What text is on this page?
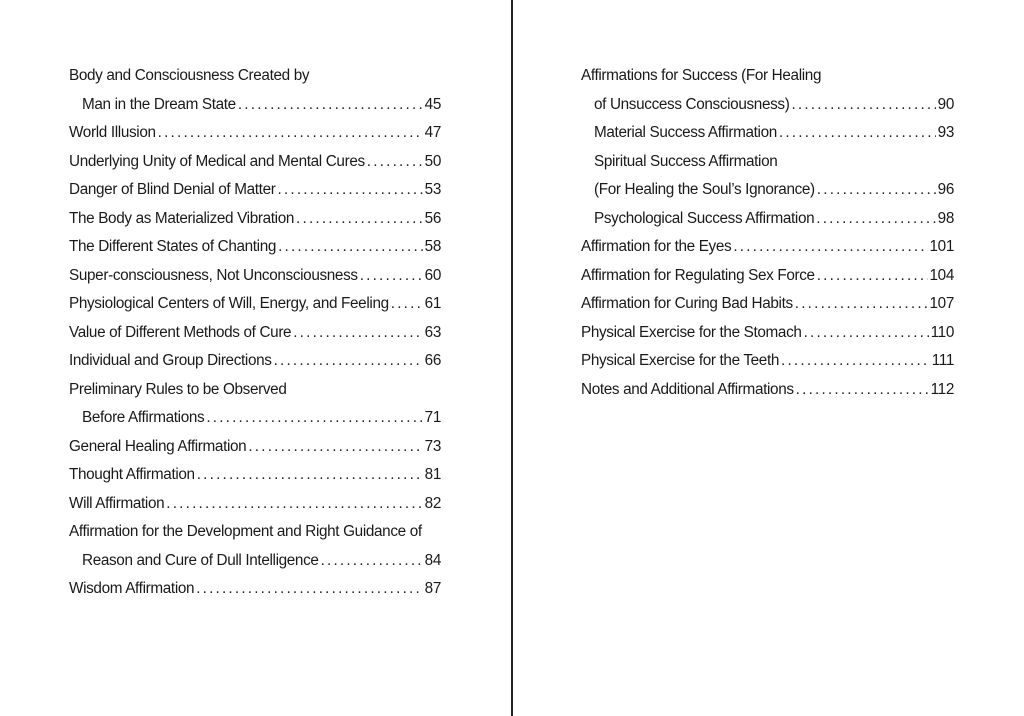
Body and Consciousness Created by
Man in the Dream State .....	45
World Illusion .....	47
Underlying Unity of Medical and Mental Cures .....	50
Danger of Blind Denial of Matter .....	53
The Body as Materialized Vibration .....	56
The Different States of Chanting .....	58
Super-consciousness, Not Unconsciousness .....	60
Physiological Centers of Will, Energy, and Feeling ..... 61
Value of Different Methods of Cure .....	63
Individual and Group Directions .....	66
Preliminary Rules to be Observed
Before Affirmations .....	71
General Healing Affirmation .....	73
Thought Affirmation .....	81
Will Affirmation .....	82
Affirmation for the Development and Right Guidance of
Reason and Cure of Dull Intelligence .....	84
Wisdom Affirmation .....	87
Affirmations for Success (For Healing
of Unsuccess Consciousness) .....	90
Material Success Affirmation .....	93
Spiritual Success Affirmation
(For Healing the Soul’s Ignorance) .....	96
Psychological Success Affirmation .....	98
Affirmation for the Eyes .....	101
Affirmation for Regulating Sex Force .....	104
Affirmation for Curing Bad Habits .....	107
Physical Exercise for the Stomach .....	110
Physical Exercise for the Teeth .....	111
Notes and Additional Affirmations .....	112
